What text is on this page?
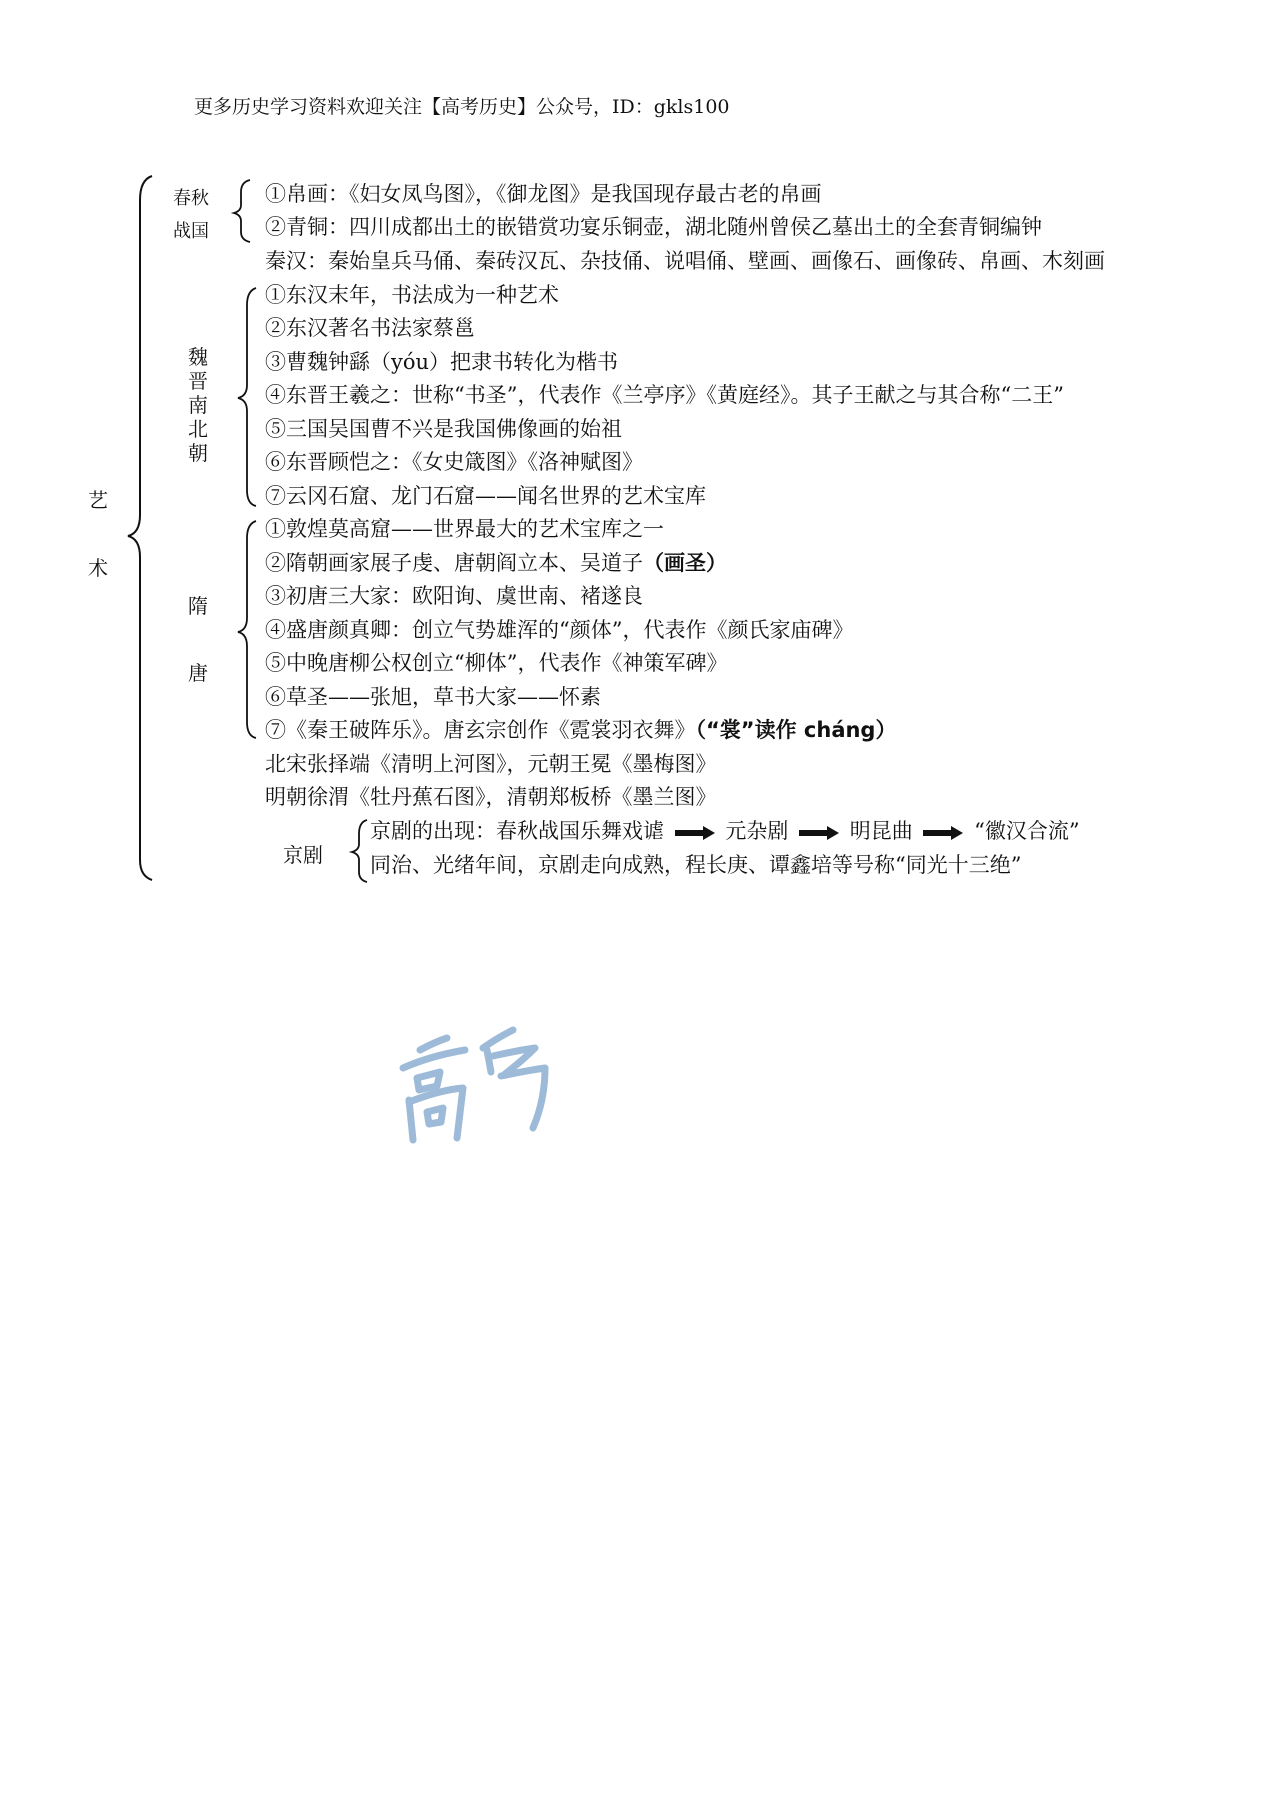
更多历史学习资料欢迎关注【高考历史】公众号，ID：gkls100
艺
术
春秋
战国
①帛画：《妇女凤鸟图》，《御龙图》是我国现存最古老的帛画
②青铜：四川成都出土的嵌错赏功宴乐铜壶，湖北随州曾侯乙墓出土的全套青铜编钟
秦汉：秦始皇兵马俑、秦砖汉瓦、杂技俑、说唱俑、壁画、画像石、画像砖、帛画、木刻画
魏
晋
南
北
朝
①东汉末年，书法成为一种艺术
②东汉著名书法家蔡邕
③曹魏钟繇（yóu）把隶书转化为楷书
④东晋王羲之：世称“书圣”，代表作《兰亭序》《黄庭经》。其子王献之与其合称“二王”
⑤三国吴国曹不兴是我国佛像画的始祖
⑥东晋顾恺之：《女史箴图》《洛神赋图》
⑦云冈石窟、龙门石窟——闻名世界的艺术宝库
隋
唐
①敦煌莫高窟——世界最大的艺术宝库之一
②隋朝画家展子虔、唐朝阎立本、吴道子（画圣）
③初唐三大家：欧阳询、虞世南、褚遂良
④盛唐颜真卿：创立气势雄浑的“颜体”，代表作《颜氏家庙碑》
⑤中晚唐柳公权创立“柳体”，代表作《神策军碑》
⑥草圣——张旭，草书大家——怀素
⑦《秦王破阵乐》。唐玄宗创作《霓裳羽衣舞》（“裳”读作 cháng）
北宋张择端《清明上河图》，元朝王冕《墨梅图》
明朝徐渭《牡丹蕉石图》，清朝郑板桥《墨兰图》
京剧
京剧的出现：春秋战国乐舞戏谑	元杂剧	明昆曲	“徽汉合流”
同治、光绪年间，京剧走向成熟，程长庚、谭鑫培等号称“同光十三绝”
